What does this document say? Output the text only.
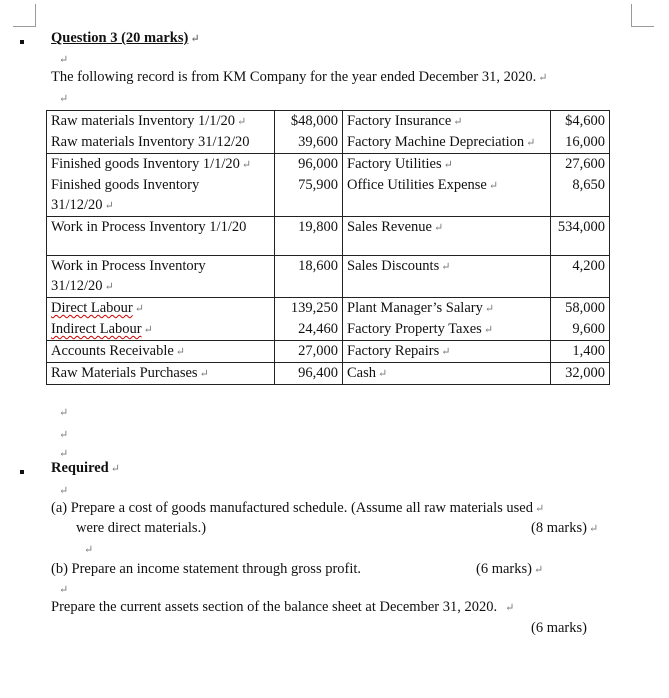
Question 3 (20 marks) ↵
↵
The following record is from KM Company for the year ended December 31, 2020. ↵
↵
Raw materials Inventory 1/1/20 ↵	$48,000	Factory Insurance ↵	$4,600
Raw materials Inventory 31/12/20	39,600	Factory Machine Depreciation ↵	16,000
Finished goods Inventory 1/1/20 ↵	96,000	Factory Utilities ↵	27,600
Finished goods Inventory 31/12/20 ↵	75,900	Office Utilities Expense ↵	8,650
Work in Process Inventory 1/1/20	19,800	Sales Revenue ↵	534,000
Work in Process Inventory 31/12/20 ↵	18,600	Sales Discounts ↵	4,200
Direct Labour ↵	139,250	Plant Manager’s Salary ↵	58,000
Indirect Labour ↵	24,460	Factory Property Taxes ↵	9,600
Accounts Receivable ↵	27,000	Factory Repairs ↵	1,400
Raw Materials Purchases ↵	96,400	Cash ↵	32,000
↵
↵
↵
Required ↵
↵
(a) Prepare a cost of goods manufactured schedule. (Assume all raw materials used ↵
were direct materials.)	(8 marks) ↵
↵
(b) Prepare an income statement through gross profit.	(6 marks) ↵
↵
Prepare the current assets section of the balance sheet at December 31, 2020. ↵
(6 marks)
